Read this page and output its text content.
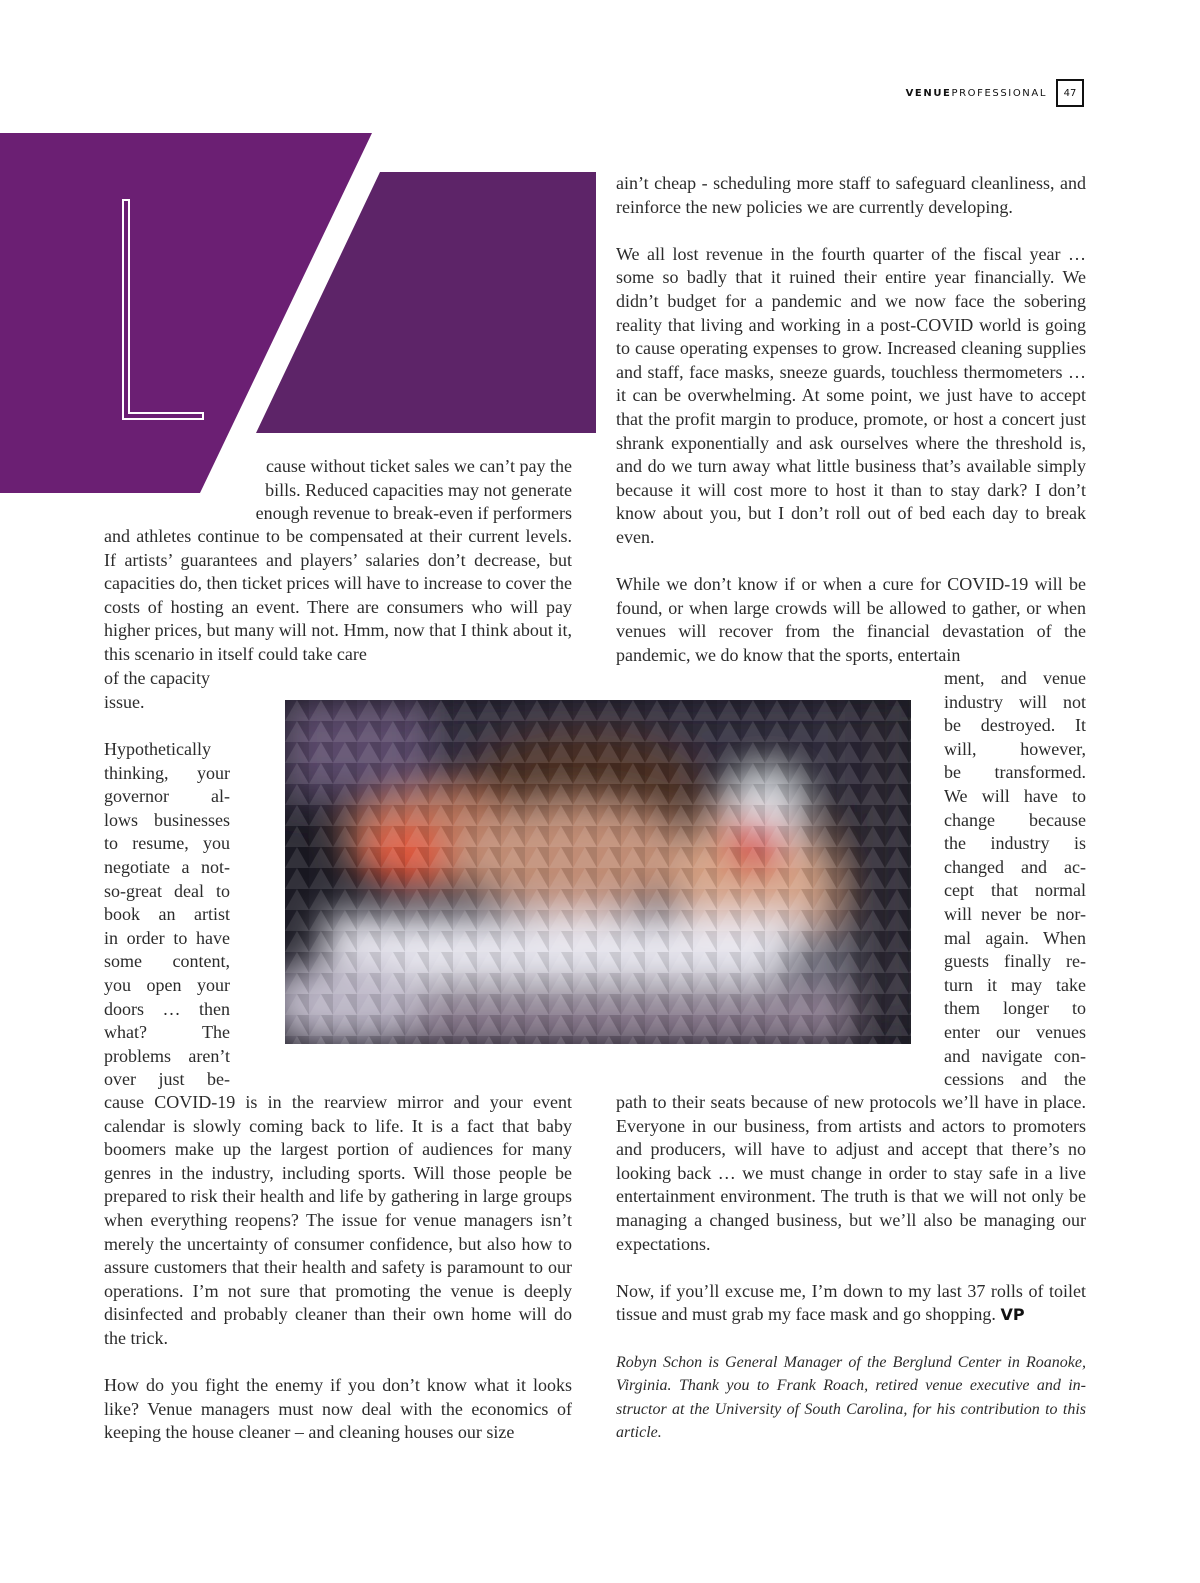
VENUEPROFESSIONAL	47
cause without ticket sales we can’t pay the
bills. Reduced capacities may not generate
enough revenue to break-even if performers

and athletes continue to be compensated at their current levels. If artists’ guarantees and players’ salaries don’t decrease, but capacities do, then ticket prices will have to increase to cover the costs of hosting an event. There are consumers who will pay higher prices, but many will not. Hmm, now that I think about it, this scenario in itself could take care

of the capacity
issue.
Hypothetically
thinking, your
governor al-
lows businesses
to resume, you
negotiate a not-
so-great deal to
book an artist
in order to have
some content,
you open your
doors … then
what? The
problems aren’t
over just be-

cause COVID-19 is in the rearview mirror and your event calendar is slowly coming back to life. It is a fact that baby boomers make up the largest portion of audiences for many genres in the industry, including sports. Will those people be prepared to risk their health and life by gathering in large groups when everything reopens? The issue for venue managers isn’t merely the uncertainty of consumer confidence, but also how to assure customers that their health and safety is paramount to our operations. I’m not sure that promoting the venue is deeply disinfected and probably cleaner than their own home will do the trick.

How do you fight the enemy if you don’t know what it looks like? Venue managers must now deal with the economics of keeping the house cleaner – and cleaning houses our size

ain’t cheap - scheduling more staff to safeguard cleanliness, and reinforce the new policies we are currently developing.

We all lost revenue in the fourth quarter of the fiscal year … some so badly that it ruined their entire year financially. We didn’t budget for a pandemic and we now face the sobering reality that living and working in a post-COVID world is going to cause operating expenses to grow. Increased cleaning supplies and staff, face masks, sneeze guards, touchless thermometers … it can be overwhelming. At some point, we just have to accept that the profit margin to produce, promote, or host a concert just shrank exponentially and ask ourselves where the threshold is, and do we turn away what little business that’s available simply because it will cost more to host it than to stay dark? I don’t know about you, but I don’t roll out of bed each day to break even.

While we don’t know if or when a cure for COVID-19 will be found, or when large crowds will be allowed to gather, or when venues will recover from the financial devastation of the pandemic, we do know that the sports, entertain

ment, and venue
industry will not
be destroyed. It
will, however,
be transformed.
We will have to
change because
the industry is
changed and ac-
cept that normal
will never be nor-
mal again. When
guests finally re-
turn it may take
them longer to
enter our venues
and navigate con-
cessions and the

path to their seats because of new protocols we’ll have in place. Everyone in our business, from artists and actors to promoters and producers, will have to adjust and accept that there’s no looking back … we must change in order to stay safe in a live entertainment environment. The truth is that we will not only be managing a changed business, but we’ll also be managing our expectations.

Now, if you’ll excuse me, I’m down to my last 37 rolls of toilet tissue and must grab my face mask and go shopping. VP

Robyn Schon is General Manager of the Berglund Center in Roanoke, Virginia. Thank you to Frank Roach, retired venue executive and instructor at the University of South Carolina, for his contribution to this article.
